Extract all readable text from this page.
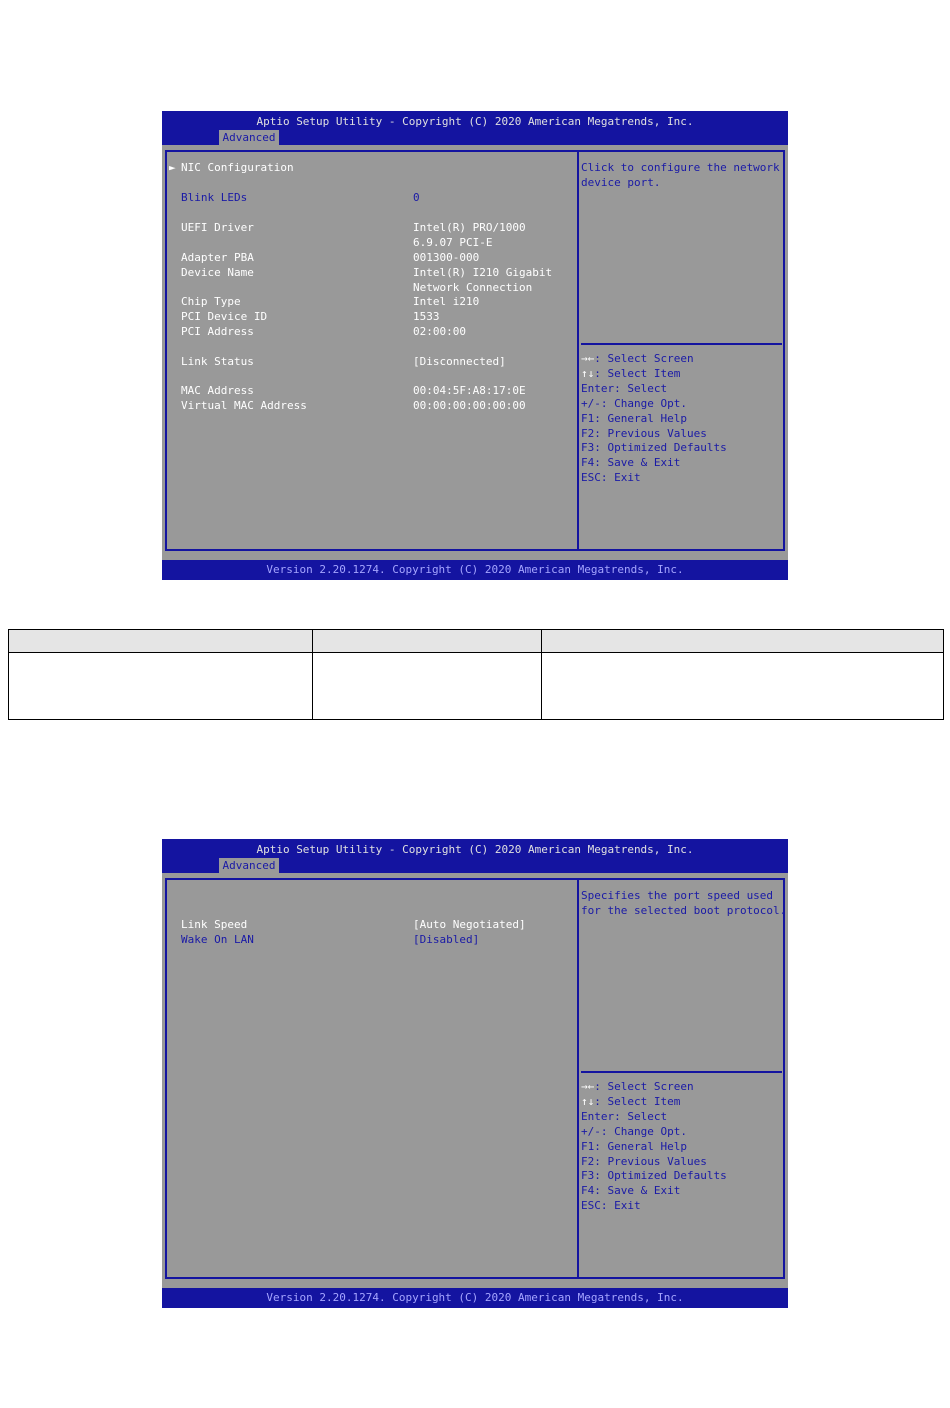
Aptio Setup Utility - Copyright (C) 2020 American Megatrends, Inc.
Advanced
► NIC Configuration
Blink LEDs	0
UEFI Driver	Intel(R) PRO/1000
6.9.07 PCI-E
Adapter PBA	001300-000
Device Name	Intel(R) I210 Gigabit
Network Connection
Chip Type	Intel i210
PCI Device ID	1533
PCI Address	02:00:00
Link Status	[Disconnected]
MAC Address	00:04:5F:A8:17:0E
Virtual MAC Address	00:00:00:00:00:00
Click to configure the network
device port.
→←: Select Screen
↑↓: Select Item
Enter: Select
+/-: Change Opt.
F1: General Help
F2: Previous Values
F3: Optimized Defaults
F4: Save & Exit
ESC: Exit
Version 2.20.1274. Copyright (C) 2020 American Megatrends, Inc.

Aptio Setup Utility - Copyright (C) 2020 American Megatrends, Inc.
Advanced
Link Speed	[Auto Negotiated]
Wake On LAN	[Disabled]
Specifies the port speed used
for the selected boot protocol.
→←: Select Screen
↑↓: Select Item
Enter: Select
+/-: Change Opt.
F1: General Help
F2: Previous Values
F3: Optimized Defaults
F4: Save & Exit
ESC: Exit
Version 2.20.1274. Copyright (C) 2020 American Megatrends, Inc.
